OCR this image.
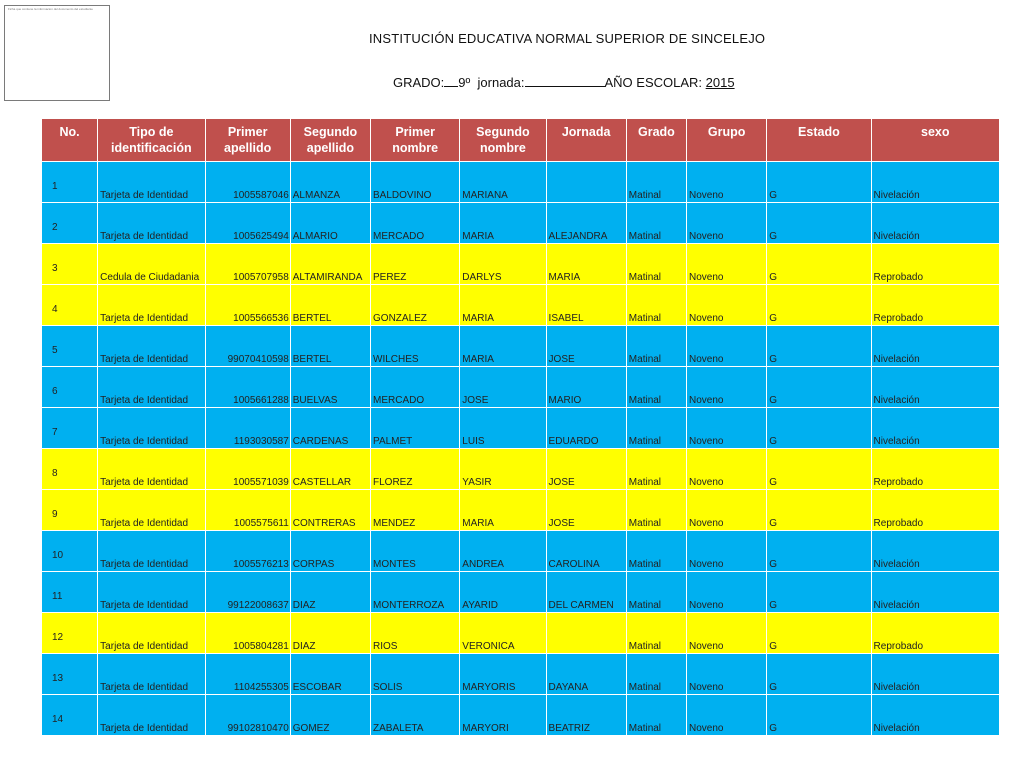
Ficha que contiene la informacion del documento del estudiante
INSTITUCIÓN EDUCATIVA NORMAL SUPERIOR DE SINCELEJO
GRADO: 9º jornada:	AÑO ESCOLAR: 2015
No.	Tipo de identificación	Primer apellido	Segundo apellido	Primer nombre	Segundo nombre	Jornada	Grado	Grupo	Estado	sexo
1	Tarjeta de Identidad	1005587046	ALMANZA	BALDOVINO	MARIANA		Matinal	Noveno	G	Nivelación
2	Tarjeta de Identidad	1005625494	ALMARIO	MERCADO	MARIA	ALEJANDRA	Matinal	Noveno	G	Nivelación
3	Cedula de Ciudadania	1005707958	ALTAMIRANDA	PEREZ	DARLYS	MARIA	Matinal	Noveno	G	Reprobado
4	Tarjeta de Identidad	1005566536	BERTEL	GONZALEZ	MARIA	ISABEL	Matinal	Noveno	G	Reprobado
5	Tarjeta de Identidad	99070410598	BERTEL	WILCHES	MARIA	JOSE	Matinal	Noveno	G	Nivelación
6	Tarjeta de Identidad	1005661288	BUELVAS	MERCADO	JOSE	MARIO	Matinal	Noveno	G	Nivelación
7	Tarjeta de Identidad	1193030587	CARDENAS	PALMET	LUIS	EDUARDO	Matinal	Noveno	G	Nivelación
8	Tarjeta de Identidad	1005571039	CASTELLAR	FLOREZ	YASIR	JOSE	Matinal	Noveno	G	Reprobado
9	Tarjeta de Identidad	1005575611	CONTRERAS	MENDEZ	MARIA	JOSE	Matinal	Noveno	G	Reprobado
10	Tarjeta de Identidad	1005576213	CORPAS	MONTES	ANDREA	CAROLINA	Matinal	Noveno	G	Nivelación
11	Tarjeta de Identidad	99122008637	DIAZ	MONTERROZA	AYARID	DEL CARMEN	Matinal	Noveno	G	Nivelación
12	Tarjeta de Identidad	1005804281	DIAZ	RIOS	VERONICA		Matinal	Noveno	G	Reprobado
13	Tarjeta de Identidad	1104255305	ESCOBAR	SOLIS	MARYORIS	DAYANA	Matinal	Noveno	G	Nivelación
14	Tarjeta de Identidad	99102810470	GOMEZ	ZABALETA	MARYORI	BEATRIZ	Matinal	Noveno	G	Nivelación
